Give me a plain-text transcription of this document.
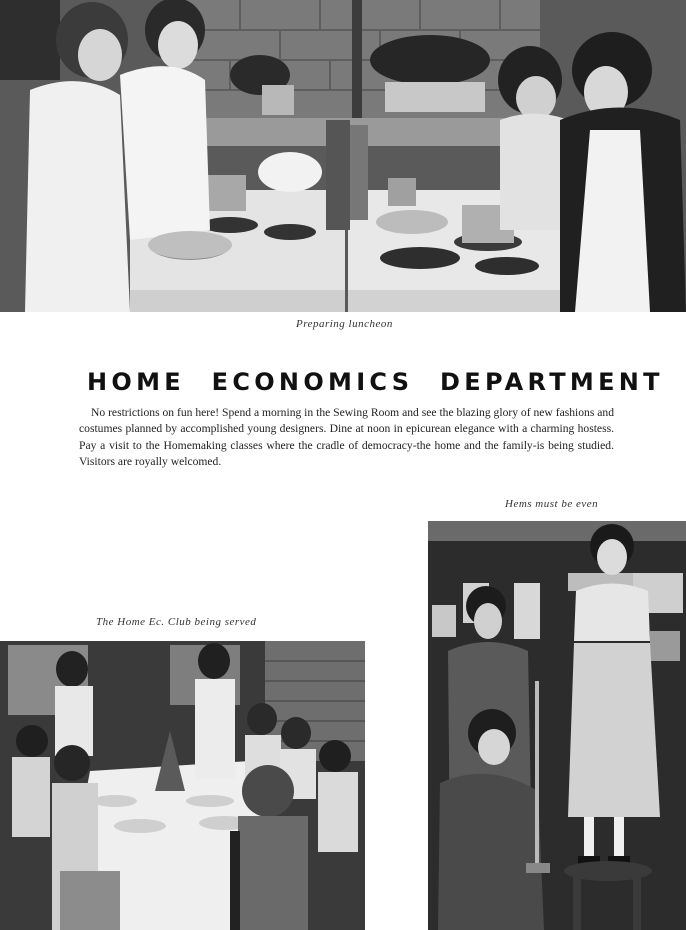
Preparing luncheon
HOME ECONOMICS DEPARTMENT

No restrictions on fun here! Spend a morning in the Sewing Room and see the blazing glory of new fashions and costumes planned by accomplished young designers. Dine at noon in epicurean elegance with a charming hostess. Pay a visit to the Homemaking classes where the cradle of democracy-the home and the family-is being studied. Visitors are royally welcomed.

Hems must be even
The Home Ec. Club being served
